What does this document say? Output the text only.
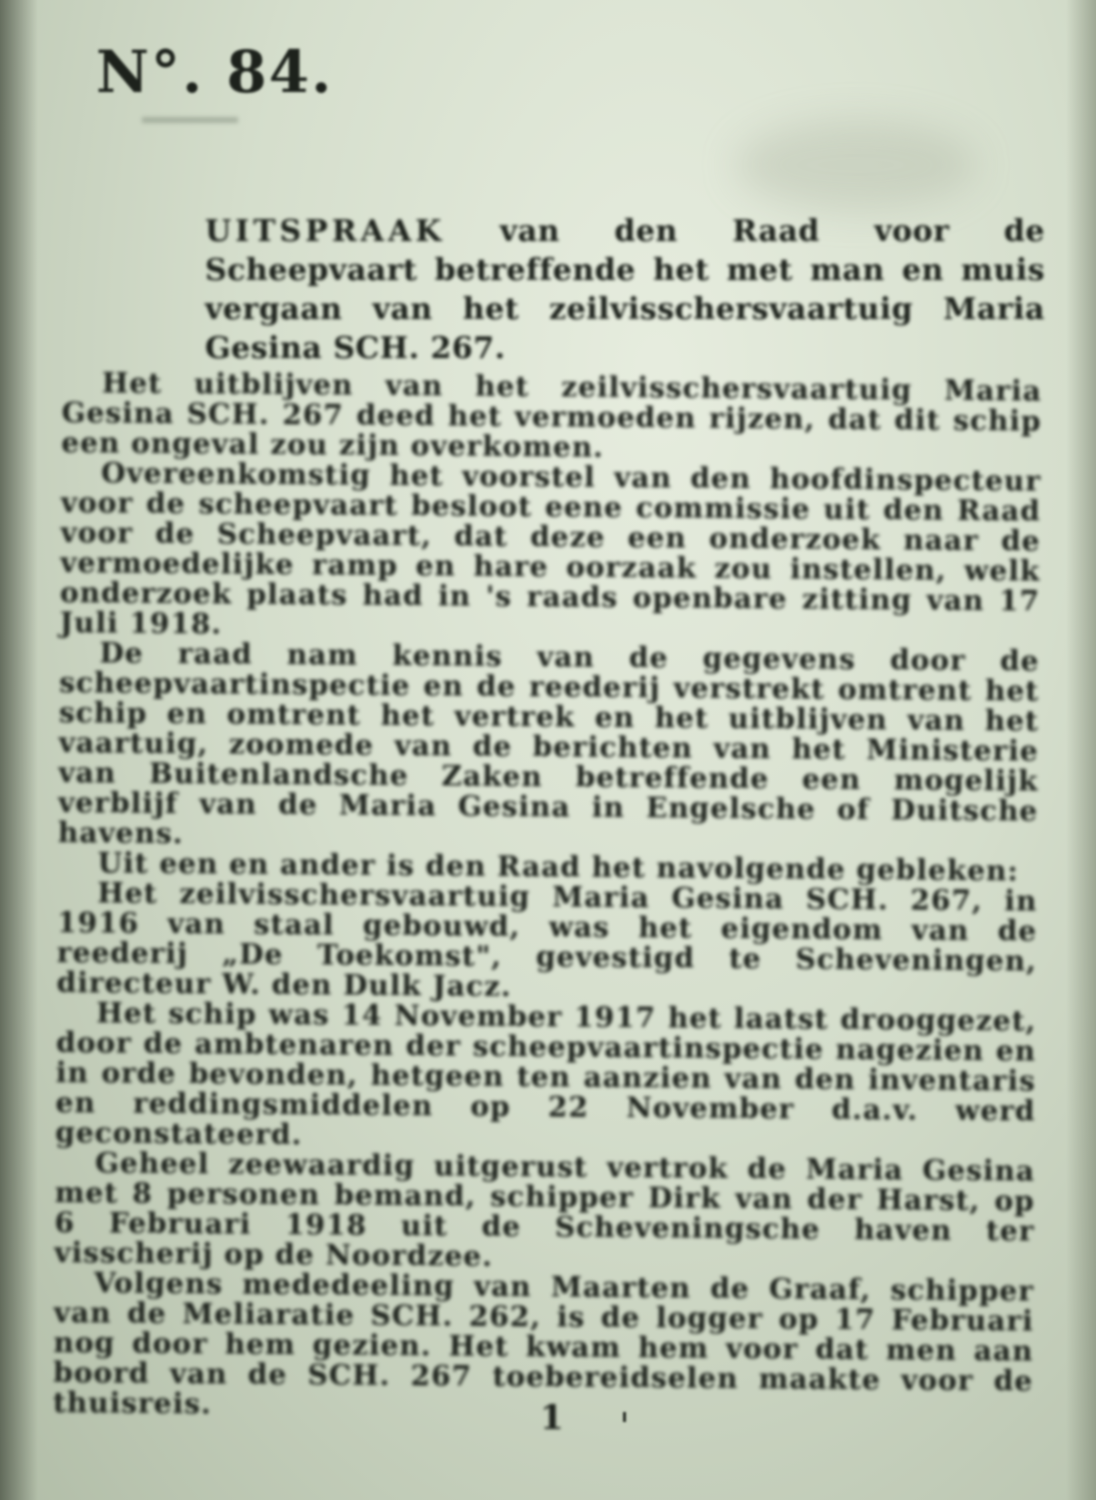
N°. 84.
UITSPRAAK van den Raad voor de Scheepvaart betreffende het met man en muis vergaan van het zeilvisschersvaartuig Maria Gesina SCH. 267.

Het uitblijven van het zeilvisschersvaartuig Maria Gesina SCH. 267 deed het vermoeden rijzen, dat dit schip een ongeval zou zijn overkomen.

Overeenkomstig het voorstel van den hoofdinspecteur voor de scheepvaart besloot eene commissie uit den Raad voor de Scheepvaart, dat deze een onderzoek naar de vermoedelijke ramp en hare oorzaak zou instellen, welk onderzoek plaats had in 's raads openbare zitting van 17 Juli 1918.

De raad nam kennis van de gegevens door de scheepvaartinspectie en de reederij verstrekt omtrent het schip en omtrent het vertrek en het uitblijven van het vaartuig, zoomede van de berichten van het Ministerie van Buitenlandsche Zaken betreffende een mogelijk verblijf van de Maria Gesina in Engelsche of Duitsche havens.

Uit een en ander is den Raad het navolgende gebleken:

Het zeilvisschersvaartuig Maria Gesina SCH. 267, in 1916 van staal gebouwd, was het eigendom van de reederij „De Toekomst", gevestigd te Scheveningen, directeur W. den Dulk Jacz.

Het schip was 14 November 1917 het laatst drooggezet, door de ambtenaren der scheepvaartinspectie nagezien en in orde bevonden, hetgeen ten aanzien van den inventaris en reddingsmiddelen op 22 November d.a.v. werd geconstateerd.

Geheel zeewaardig uitgerust vertrok de Maria Gesina met 8 personen bemand, schipper Dirk van der Harst, op 6 Februari 1918 uit de Scheveningsche haven ter visscherij op de Noordzee.

Volgens mededeeling van Maarten de Graaf, schipper van de Meliaratie SCH. 262, is de logger op 17 Februari nog door hem gezien. Het kwam hem voor dat men aan boord van de SCH. 267 toebereidselen maakte voor de thuisreis.	1
